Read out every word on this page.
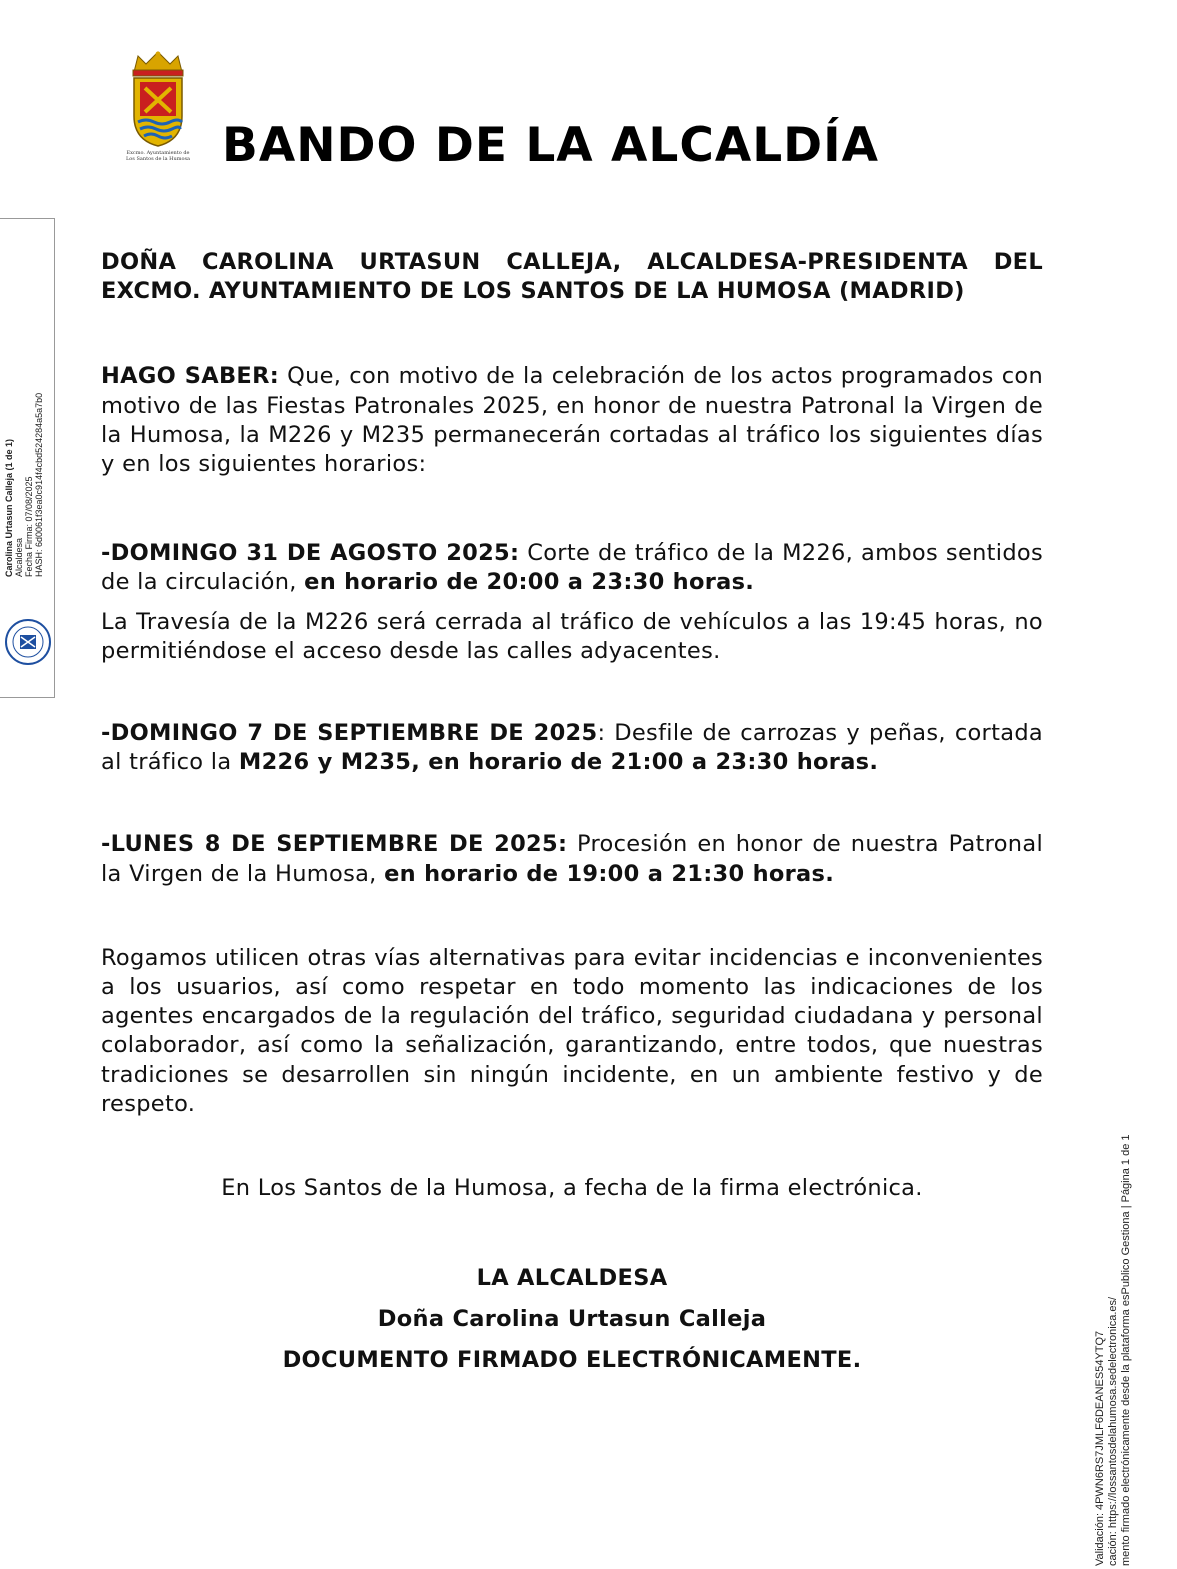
Excmo. Ayuntamiento de
Los Santos de la Humosa BANDO DE LA ALCALDÍA
Carolina Urtasun Calleja (1 de 1) Alcaldesa Fecha Firma: 07/08/2025 HASH: 6d0061f3ea0c914f4cbd524284a5a7b0
Validación: 4PWN6RS7JMLF6DEANES54YTQ7 cación: https://lossantosdelahumosa.sedelectronica.es/ mento firmado electrónicamente desde la plataforma esPublico Gestiona | Página 1 de 1

DOÑA CAROLINA URTASUN CALLEJA, ALCALDESA-PRESIDENTA DEL EXCMO. AYUNTAMIENTO DE LOS SANTOS DE LA HUMOSA (MADRID)

HAGO SABER: Que, con motivo de la celebración de los actos programados con motivo de las Fiestas Patronales 2025, en honor de nuestra Patronal la Virgen de la Humosa, la M226 y M235 permanecerán cortadas al tráfico los siguientes días y en los siguientes horarios:

-DOMINGO 31 DE AGOSTO 2025: Corte de tráfico de la M226, ambos sentidos de la circulación, en horario de 20:00 a 23:30 horas.

La Travesía de la M226 será cerrada al tráfico de vehículos a las 19:45 horas, no permitiéndose el acceso desde las calles adyacentes.

-DOMINGO 7 DE SEPTIEMBRE DE 2025: Desfile de carrozas y peñas, cortada al tráfico la M226 y M235, en horario de 21:00 a 23:30 horas.

-LUNES 8 DE SEPTIEMBRE DE 2025: Procesión en honor de nuestra Patronal la Virgen de la Humosa, en horario de 19:00 a 21:30 horas.

Rogamos utilicen otras vías alternativas para evitar incidencias e inconvenientes a los usuarios, así como respetar en todo momento las indicaciones de los agentes encargados de la regulación del tráfico, seguridad ciudadana y personal colaborador, así como la señalización, garantizando, entre todos, que nuestras tradiciones se desarrollen sin ningún incidente, en un ambiente festivo y de respeto.

En Los Santos de la Humosa, a fecha de la firma electrónica.

LA ALCALDESA
Doña Carolina Urtasun Calleja
DOCUMENTO FIRMADO ELECTRÓNICAMENTE.
